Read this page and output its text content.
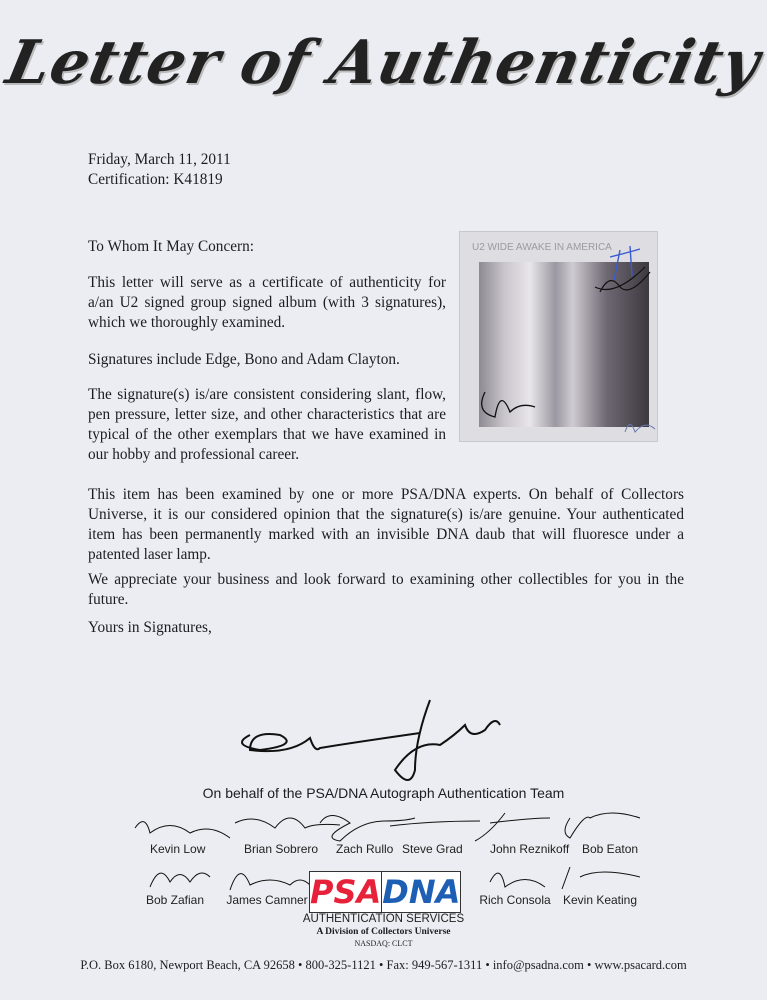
Letter of Authenticity
Friday, March 11, 2011
Certification: K41819
To Whom It May Concern:
This letter will serve as a certificate of authenticity for a/an U2 signed group signed album (with 3 signatures), which we thoroughly examined.
Signatures include Edge, Bono and Adam Clayton.
The signature(s) is/are consistent considering slant, flow, pen pressure, letter size, and other characteristics that are typical of the other exemplars that we have examined in our hobby and professional career.
This item has been examined by one or more PSA/DNA experts. On behalf of Collectors Universe, it is our considered opinion that the signature(s) is/are genuine. Your authenticated item has been permanently marked with an invisible DNA daub that will fluoresce under a patented laser lamp.
We appreciate your business and look forward to examining other collectibles for you in the future.
Yours in Signatures,
U2 WIDE AWAKE IN AMERICA
On behalf of the PSA/DNA Autograph Authentication Team
Kevin Low	Brian Sobrero Zach Rullo Steve Grad John Reznikoff Bob Eaton
Bob Zafian	James Camner	Rich Consola	Kevin Keating
PSA DNA
AUTHENTICATION SERVICES
A Division of Collectors Universe
NASDAQ: CLCT
P.O. Box 6180, Newport Beach, CA 92658 • 800-325-1121 • Fax: 949-567-1311 • info@psadna.com • www.psacard.com
